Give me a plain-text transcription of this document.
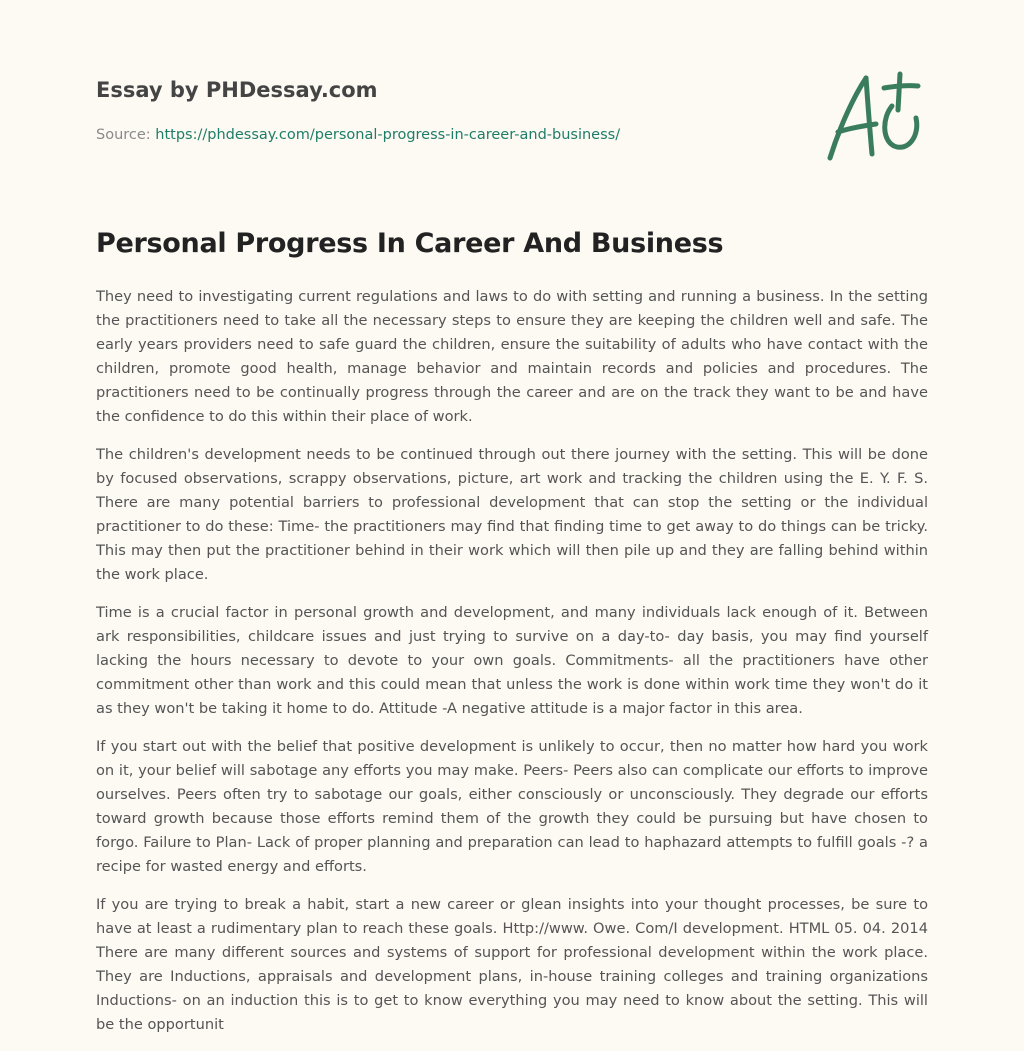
Essay by PHDessay.com
Source: https://phdessay.com/personal-progress-in-career-and-business/
Personal Progress In Career And Business

They need to investigating current regulations and laws to do with setting and running a business. In the setting the practitioners need to take all the necessary steps to ensure they are keeping the children well and safe. The early years providers need to safe guard the children, ensure the suitability of adults who have contact with the children, promote good health, manage behavior and maintain records and policies and procedures. The practitioners need to be continually progress through the career and are on the track they want to be and have the confidence to do this within their place of work.

The children's development needs to be continued through out there journey with the setting. This will be done by focused observations, scrappy observations, picture, art work and tracking the children using the E. Y. F. S. There are many potential barriers to professional development that can stop the setting or the individual practitioner to do these: Time- the practitioners may find that finding time to get away to do things can be tricky. This may then put the practitioner behind in their work which will then pile up and they are falling behind within the work place.

Time is a crucial factor in personal growth and development, and many individuals lack enough of it. Between ark responsibilities, childcare issues and just trying to survive on a day-to- day basis, you may find yourself lacking the hours necessary to devote to your own goals. Commitments- all the practitioners have other commitment other than work and this could mean that unless the work is done within work time they won't do it as they won't be taking it home to do. Attitude -A negative attitude is a major factor in this area.

If you start out with the belief that positive development is unlikely to occur, then no matter how hard you work on it, your belief will sabotage any efforts you may make. Peers- Peers also can complicate our efforts to improve ourselves. Peers often try to sabotage our goals, either consciously or unconsciously. They degrade our efforts toward growth because those efforts remind them of the growth they could be pursuing but have chosen to forgo. Failure to Plan- Lack of proper planning and preparation can lead to haphazard attempts to fulfill goals -? a recipe for wasted energy and efforts.

If you are trying to break a habit, start a new career or glean insights into your thought processes, be sure to have at least a rudimentary plan to reach these goals. Http://www. Owe. Com/I development. HTML 05. 04. 2014 There are many different sources and systems of support for professional development within the work place. They are Inductions, appraisals and development plans, in-house training colleges and training organizations Inductions- on an induction this is to get to know everything you may need to know about the setting. This will be the opportunit
